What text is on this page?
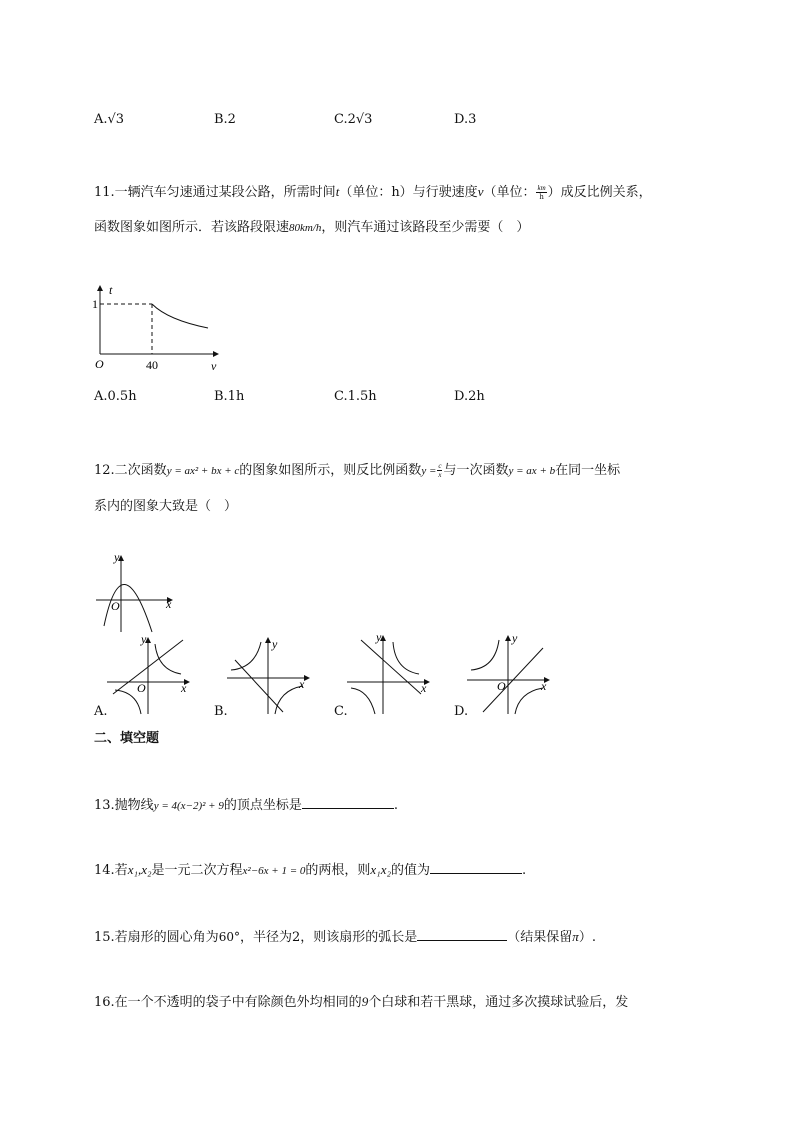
A.√3	B.2	C.2√3	D.3
11.一辆汽车匀速通过某段公路，所需时间t（单位：h）与行驶速度v（单位： $\frac{km}{h}$ ）成反比例关系，
函数图象如图所示．若该路段限速80km/h，则汽车通过该路段至少需要（　）
t
1
O	40	v
A.0.5h	B.1h	C.1.5h	D.2h
12.二次函数y = ax² + bx + c的图象如图所示，则反比例函数$y = \frac{c}{x}$ 与一次函数y = ax + b在同一坐标
系内的图象大致是（　）
y
O	x
y
O	x
y
x
y
x
y
O	x
A.	B.	C.	D.
二、填空题
13.抛物线y = 4(x−2)² + 9的顶点坐标是	.
14.若x₁,x₂是一元二次方程x²−6x + 1 = 0的两根，则x₁x₂的值为	.
15.若扇形的圆心角为60°，半径为2，则该扇形的弧长是	（结果保留π）.
16.在一个不透明的袋子中有除颜色外均相同的9个白球和若干黑球，通过多次摸球试验后，发
